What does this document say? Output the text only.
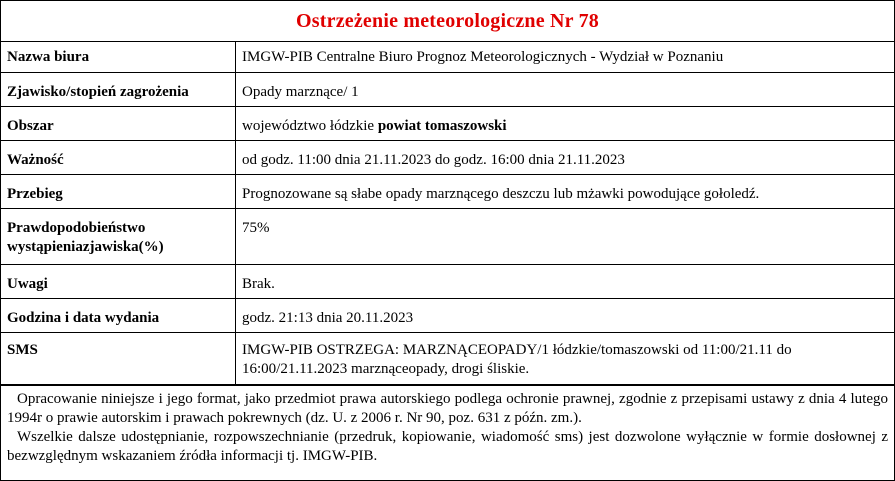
Ostrzeżenie meteorologiczne Nr 78
Nazwa biura	IMGW-PIB Centralne Biuro Prognoz Meteorologicznych - Wydział w Poznaniu
Zjawisko/stopień zagrożenia	Opady marznące/ 1
Obszar	województwo łódzkie powiat tomaszowski
Ważność	od godz. 11:00 dnia 21.11.2023 do godz. 16:00 dnia 21.11.2023
Przebieg	Prognozowane są słabe opady marznącego deszczu lub mżawki powodujące gołoledź.
Prawdopodobieństwo wystąpieniazjawiska(%)	75%
Uwagi	Brak.
Godzina i data wydania	godz. 21:13 dnia 20.11.2023
SMS	IMGW-PIB OSTRZEGA: MARZNĄCEOPADY/1 łódzkie/tomaszowski od 11:00/21.11 do 16:00/21.11.2023 marznąceopady, drogi śliskie.

Opracowanie niniejsze i jego format, jako przedmiot prawa autorskiego podlega ochronie prawnej, zgodnie z przepisami ustawy z dnia 4 lutego 1994r o prawie autorskim i prawach pokrewnych (dz. U. z 2006 r. Nr 90, poz. 631 z późn. zm.).

Wszelkie dalsze udostępnianie, rozpowszechnianie (przedruk, kopiowanie, wiadomość sms) jest dozwolone wyłącznie w formie dosłownej z bezwzględnym wskazaniem źródła informacji tj. IMGW-PIB.
